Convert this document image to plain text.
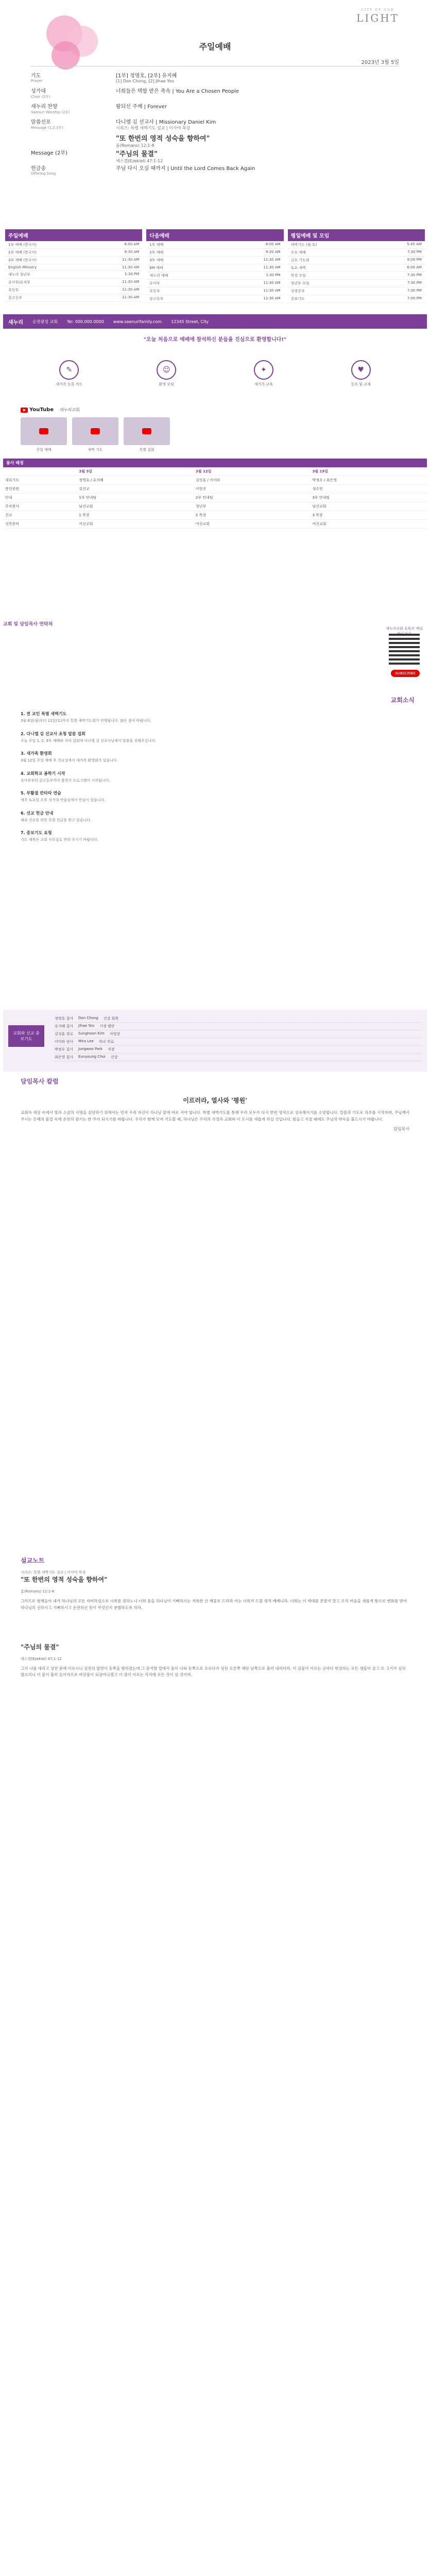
CITY OF GOD
LIGHT
주일예배
2023년 3월 5일
기도
Prayer
[1부] 정명호, [2부] 유지혜
[1] Don Chong, [2] Jihae Yoo
성가대
Choir (2부)
너희들은 택함 받은 족속 | You Are a Chosen People
새누리 찬양
Saenuri Worship (2부)
왕되신 주께 | Forever
말씀선포
Message (1,2,3부)
다니엘 김 선교사 | Missionary Daniel Kim
시리즈: 특별 새벽기도 설교 | 이사야 묵상
"또 한번의 영적 성숙을 향하여"
롬(Romans) 12:1-8
Message (2부)	"주님의 물결"
에스겔(Ezekiel) 47:1-12
헌금송
Offering Song
주님 다시 오실 때까지 | Until the Lord Comes Back Again
주일예배
1부 예배 (한국어)	8:00 AM
2부 예배 (한국어)	9:30 AM
3부 예배 (한국어)	11:30 AM
English Ministry	11:30 AM
새누리 청년부	1:30 PM
유아부/유치부	11:30 AM
초등부	11:30 AM
중고등부	11:30 AM
다음예배
1부 예배	8:00 AM
2부 예배	9:30 AM
3부 예배	11:30 AM
EM 예배	11:30 AM
새누리 예배	1:30 PM
유아부	11:30 AM
초등부	11:30 AM
중고등부	11:30 AM
평일예배 및 모임
새벽기도 (월-토)	5:45 AM
수요 예배	7:30 PM
금요 기도회	8:00 PM
토요 새벽	6:00 AM
목장 모임	7:30 PM
청년부 모임	7:30 PM
성경공부	7:30 PM
중보기도	7:00 PM
새누리 순천광성 교회 Tel: 000.000.0000 www.saenurifamily.com 12345 Street, City
"오늘 처음으로 예배에 참석하신 분들을 진심으로 환영합니다!"
✎
새가족 등록 카드
☺
환영 모임
✦
새가족 교육
♥
등록 및 교제
YouTube 새누리교회
주일 예배	새벽 기도	특별 집회
봉사 배정
	3월 5일	3월 12일	3월 19일
대표기도	정명호 / 유지혜	김성훈 / 이미라	박정우 / 최은영
봉헌위원	김선교	이현진	장수민
안내	1부 안내팀	2부 안내팀	3부 안내팀
주차봉사	남선교회	청년부	남선교회
친교	1 목장	2 목장	3 목장
성찬준비	여선교회	여선교회	여선교회
교회 및 담임목사 연락처
새누리교회 유튜브 채널
SUBSCRIBE
교회소식
1. 전 교인 특별 새벽기도
3월 6일(월)부터 11일(토)까지 특별 새벽기도회가 진행됩니다. 많은 참여 바랍니다.
2. 다니엘 김 선교사 초청 말씀 집회
오늘 주일 1, 2, 3부 예배와 저녁 집회에 다니엘 김 선교사님께서 말씀을 전해주십니다.
3. 새가족 환영회
3월 12일 주일 예배 후 친교실에서 새가족 환영회가 있습니다.
4. 교회학교 봄학기 시작
유아부부터 중고등부까지 봄학기 프로그램이 시작됩니다.
5. 부활절 칸타타 연습
매주 토요일 오후 성가대 연습실에서 연습이 있습니다.
6. 선교 헌금 안내
해외 선교를 위한 특별 헌금을 받고 있습니다.
7. 중보기도 요청
기도 제목은 교회 사무실로 연락 주시기 바랍니다.
교회와 선교 중보기도
정명호 집사 Don Chong 건강 회복
유지혜 집사 Jihae Yoo 가정 평안
김성훈 장로 Sunghoon Kim 사업장
이미라 권사 Mira Lee 자녀 진로
박정우 집사 Jungwoo Park 직장
최은영 집사 Eunyoung Choi 건강
담임목사 칼럼
이르러라, 열사와 '평원'
교회가 세상 속에서 빛과 소금의 사명을 감당하기 위해서는 먼저 우리 자신이 하나님 앞에 바로 서야 합니다. 특별 새벽기도를 통해 우리 모두가 다시 한번 영적으로 성숙해지기를 소망합니다. 말씀과 기도로 하루를 시작하며, 주님께서 주시는 은혜의 물결 속에 온전히 잠기는 한 주가 되시기를 바랍니다. 우리가 함께 모여 기도할 때, 하나님은 우리의 가정과 교회와 이 도시를 새롭게 하실 것입니다. 힘들고 지칠 때에도 주님의 약속을 붙드시기 바랍니다.
담임목사
설교노트
시리즈: 특별 새벽기도 설교 | 이사야 묵상
"또 한번의 영적 성숙을 향하여"
롬(Romans) 12:1-8
그러므로 형제들아 내가 하나님의 모든 자비하심으로 너희를 권하노니 너희 몸을 하나님이 기뻐하시는 거룩한 산 제물로 드리라 이는 너희가 드릴 영적 예배니라. 너희는 이 세대를 본받지 말고 오직 마음을 새롭게 함으로 변화를 받아 하나님의 선하시고 기뻐하시고 온전하신 뜻이 무엇인지 분별하도록 하라.
"주님의 물결"
에스겔(Ezekiel) 47:1-12
그가 나를 데리고 성전 문에 이르시니 성전의 앞면이 동쪽을 향하였는데 그 문지방 밑에서 물이 나와 동쪽으로 흐르다가 성전 오른쪽 제단 남쪽으로 흘러 내리더라. 이 강물이 이르는 곳마다 번성하는 모든 생물이 살고 또 고기가 심히 많으리니 이 물이 흘러 들어가므로 바닷물이 되살아나겠고 이 강이 이르는 각처에 모든 것이 살 것이며.
